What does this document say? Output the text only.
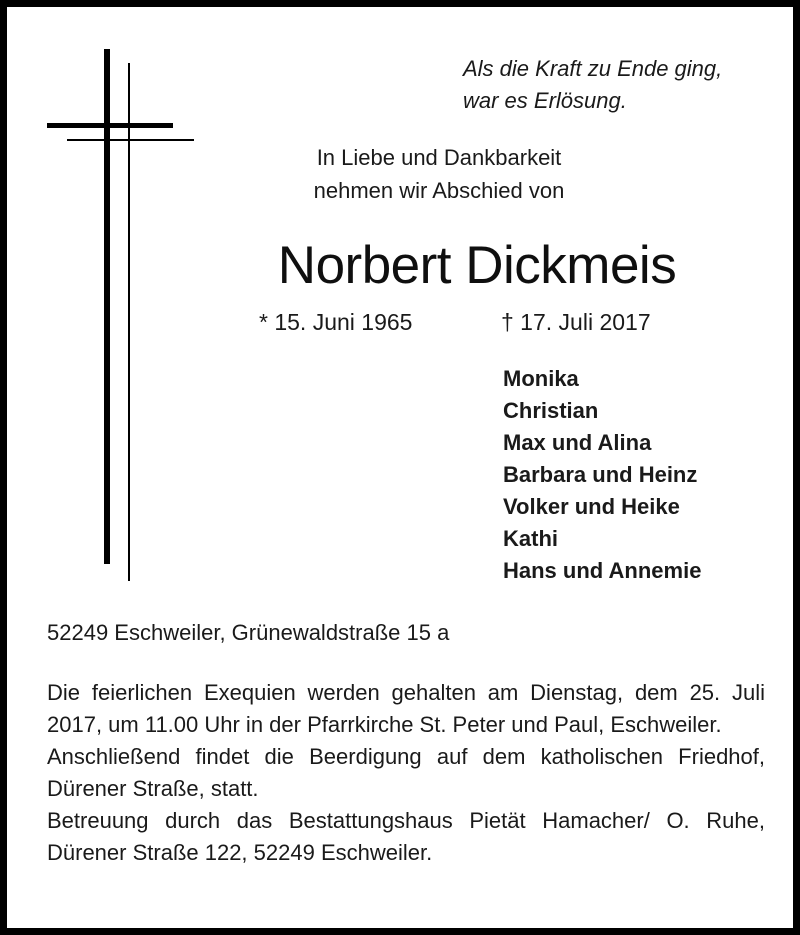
Als die Kraft zu Ende ging,
war es Erlösung.
In Liebe und Dankbarkeit
nehmen wir Abschied von
Norbert Dickmeis
* 15. Juni 1965	† 17. Juli 2017
Monika
Christian
Max und Alina
Barbara und Heinz
Volker und Heike
Kathi
Hans und Annemie
52249 Eschweiler, Grünewaldstraße 15 a
Die feierlichen Exequien werden gehalten am Dienstag, dem 25. Juli 2017, um 11.00 Uhr in der Pfarrkirche St. Peter und Paul, Eschweiler.
Anschließend findet die Beerdigung auf dem katholischen Friedhof, Dürener Straße, statt.
Betreuung durch das Bestattungshaus Pietät Hamacher/ O. Ruhe, Dürener Straße 122, 52249 Eschweiler.
